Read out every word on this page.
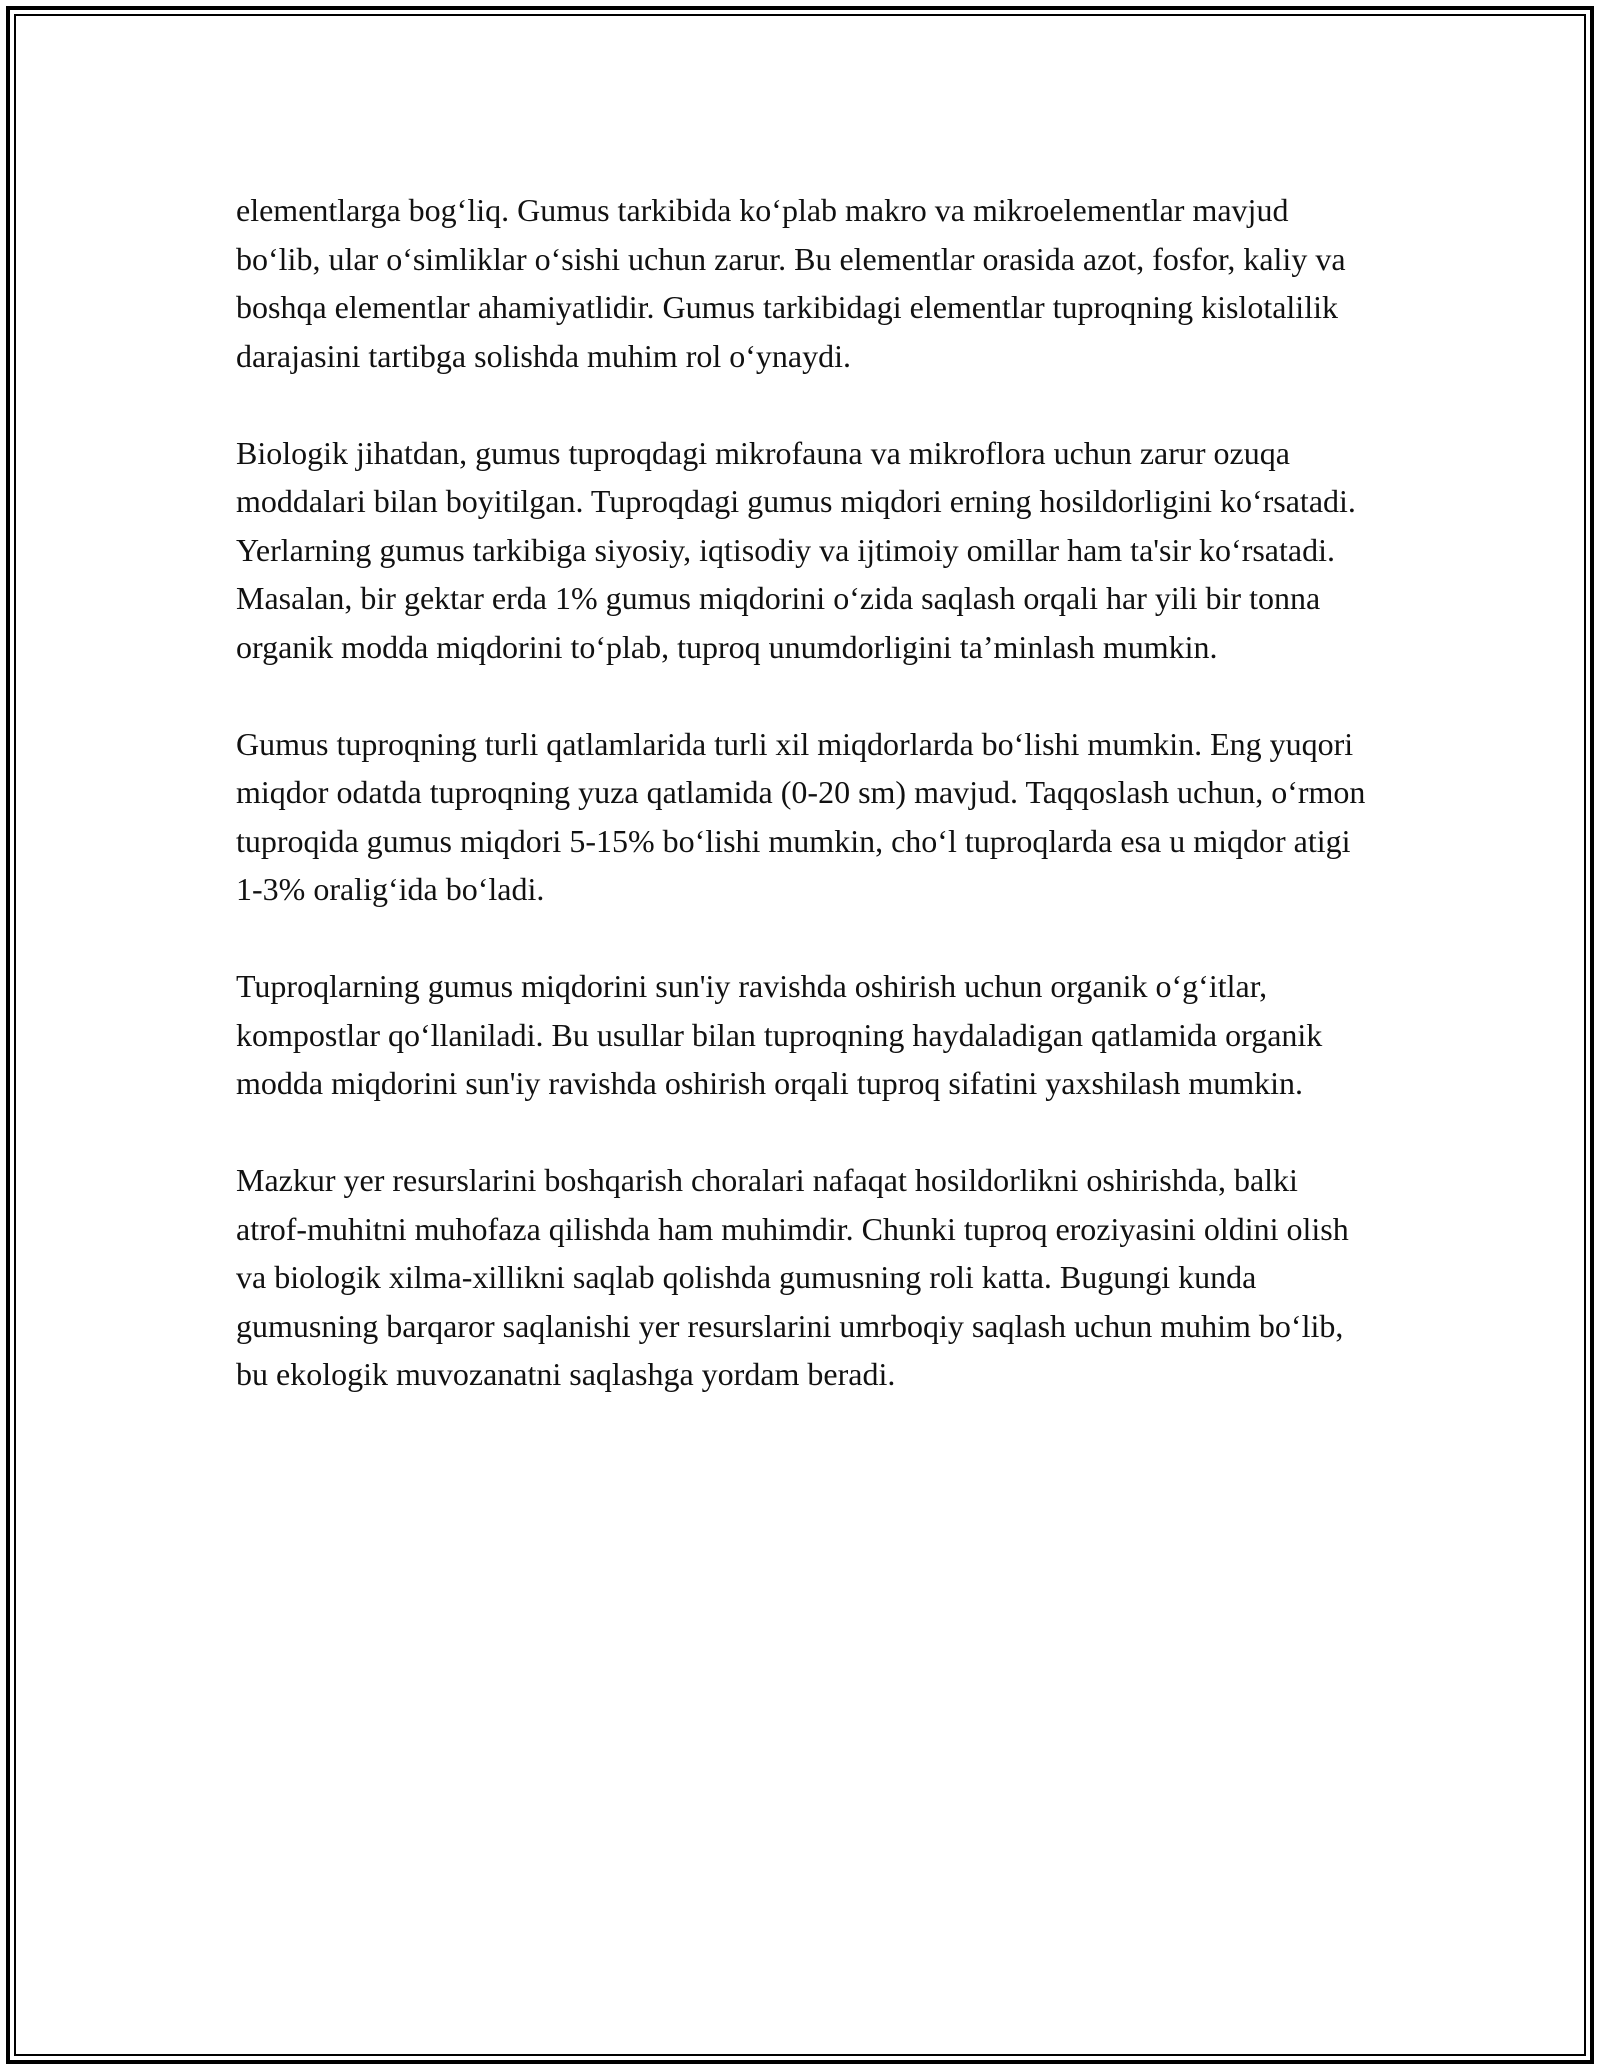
elementlarga bog‘liq. Gumus tarkibida ko‘plab makro va mikroelementlar mavjud bo‘lib, ular o‘simliklar o‘sishi uchun zarur. Bu elementlar orasida azot, fosfor, kaliy va boshqa elementlar ahamiyatlidir. Gumus tarkibidagi elementlar tuproqning kislotalilik darajasini tartibga solishda muhim rol o‘ynaydi.

Biologik jihatdan, gumus tuproqdagi mikrofauna va mikroflora uchun zarur ozuqa moddalari bilan boyitilgan. Tuproqdagi gumus miqdori erning hosildorligini ko‘rsatadi. Yerlarning gumus tarkibiga siyosiy, iqtisodiy va ijtimoiy omillar ham ta'sir ko‘rsatadi. Masalan, bir gektar erda 1% gumus miqdorini o‘zida saqlash orqali har yili bir tonna organik modda miqdorini to‘plab, tuproq unumdorligini ta’minlash mumkin.

Gumus tuproqning turli qatlamlarida turli xil miqdorlarda bo‘lishi mumkin. Eng yuqori miqdor odatda tuproqning yuza qatlamida (0-20 sm) mavjud. Taqqoslash uchun, o‘rmon tuproqida gumus miqdori 5-15% bo‘lishi mumkin, cho‘l tuproqlarda esa u miqdor atigi 1-3% oralig‘ida bo‘ladi.

Tuproqlarning gumus miqdorini sun'iy ravishda oshirish uchun organik o‘g‘itlar, kompostlar qo‘llaniladi. Bu usullar bilan tuproqning haydaladigan qatlamida organik modda miqdorini sun'iy ravishda oshirish orqali tuproq sifatini yaxshilash mumkin.

Mazkur yer resurslarini boshqarish choralari nafaqat hosildorlikni oshirishda, balki atrof-muhitni muhofaza qilishda ham muhimdir. Chunki tuproq eroziyasini oldini olish va biologik xilma-xillikni saqlab qolishda gumusning roli katta. Bugungi kunda gumusning barqaror saqlanishi yer resurslarini umrboqiy saqlash uchun muhim bo‘lib, bu ekologik muvozanatni saqlashga yordam beradi.
